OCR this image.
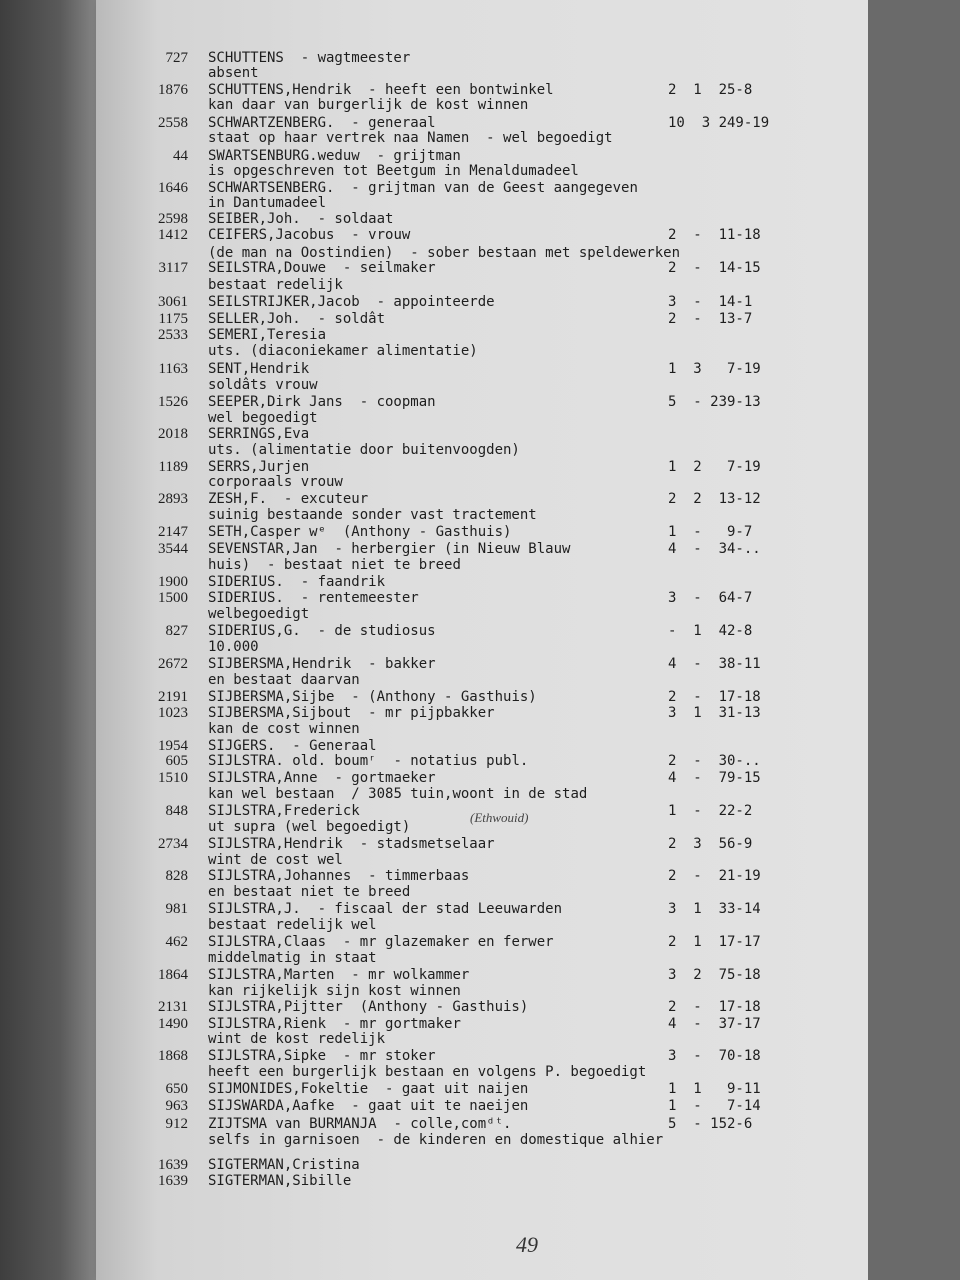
727 SCHUTTENS - wagtmeester
absent
1876 SCHUTTENS,Hendrik - heeft een bontwinkel	2  1  25-8
kan daar van burgerlijk de kost winnen
2558 SCHWARTZENBERG. - generaal	10  3 249-19
staat op haar vertrek naa Namen - wel begoedigt
44 SWARTSENBURG.weduw - grijtman
is opgeschreven tot Beetgum in Menaldumadeel
1646 SCHWARTSENBERG. - grijtman van de Geest aangegeven
in Dantumadeel
2598 SEIBER,Joh. - soldaat
1412 CEIFERS,Jacobus - vrouw	2  -  11-18
(de man na Oostindien) - sober bestaan met speldewerken
3117 SEILSTRA,Douwe - seilmaker	2  -  14-15
bestaat redelijk
3061 SEILSTRIJKER,Jacob - appointeerde	3  -  14-1
1175 SELLER,Joh. - soldât	2  -  13-7
2533 SEMERI,Teresia
uts. (diaconiekamer alimentatie)
1163 SENT,Hendrik	1  3   7-19
soldâts vrouw
1526 SEEPER,Dirk Jans - coopman	5  - 239-13
wel begoedigt
2018 SERRINGS,Eva
uts. (alimentatie door buitenvoogden)
1189 SERRS,Jurjen	1  2   7-19
corporaals vrouw
2893 ZESH,F. - excuteur	2  2  13-12
suinig bestaande sonder vast tractement
2147 SETH,Casper wᵉ (Anthony - Gasthuis)	1  -   9-7
3544 SEVENSTAR,Jan - herbergier (in Nieuw Blauw	4  -  34-..
huis) - bestaat niet te breed
1900 SIDERIUS. - faandrik
1500 SIDERIUS. - rentemeester	3  -  64-7
welbegoedigt
827 SIDERIUS,G. - de studiosus	-  1  42-8
10.000
2672 SIJBERSMA,Hendrik - bakker	4  -  38-11
en bestaat daarvan
2191 SIJBERSMA,Sijbe - (Anthony - Gasthuis)	2  -  17-18
1023 SIJBERSMA,Sijbout - mr pijpbakker	3  1  31-13
kan de cost winnen
1954 SIJGERS. - Generaal
605 SIJLSTRA. old. boumʳ - notatius publ.	2  -  30-..
1510 SIJLSTRA,Anne - gortmaeker	4  -  79-15
kan wel bestaan / 3085 tuin,woont in de stad
848 SIJLSTRA,Frederick	1  -  22-2
ut supra (wel begoedigt)
2734 SIJLSTRA,Hendrik - stadsmetselaar	2  3  56-9
wint de cost wel
828 SIJLSTRA,Johannes - timmerbaas	2  -  21-19
en bestaat niet te breed
981 SIJLSTRA,J. - fiscaal der stad Leeuwarden	3  1  33-14
bestaat redelijk wel
462 SIJLSTRA,Claas - mr glazemaker en ferwer	2  1  17-17
middelmatig in staat
1864 SIJLSTRA,Marten - mr wolkammer	3  2  75-18
kan rijkelijk sijn kost winnen
2131 SIJLSTRA,Pijtter (Anthony - Gasthuis)	2  -  17-18
1490 SIJLSTRA,Rienk - mr gortmaker	4  -  37-17
wint de kost redelijk
1868 SIJLSTRA,Sipke - mr stoker	3  -  70-18
heeft een burgerlijk bestaan en volgens P. begoedigt
650 SIJMONIDES,Fokeltie - gaat uit naijen	1  1   9-11
963 SIJSWARDA,Aafke - gaat uit te naeijen	1  -   7-14
912 ZIJTSMA van BURMANJA - colle,comᵈᵗ.	5  - 152-6
selfs in garnisoen - de kinderen en domestique alhier
1639 SIGTERMAN,Cristina
1639 SIGTERMAN,Sibille
(Ethwouid)
49
